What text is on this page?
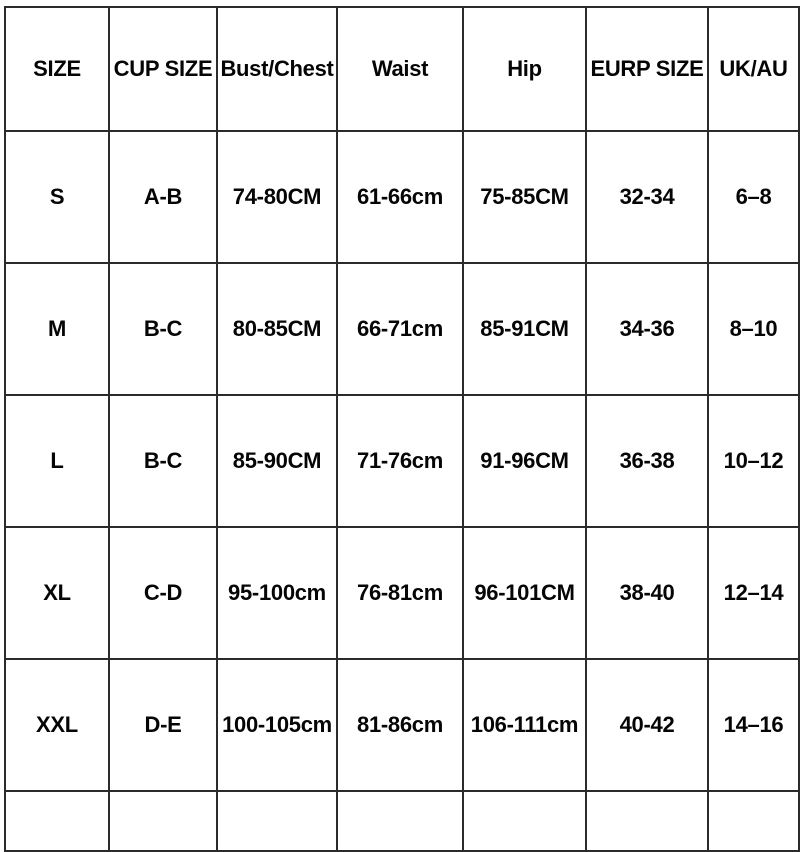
SIZE	CUP SIZE	Bust/Chest	Waist	Hip	EURP SIZE	UK/AU
S	A-B	74-80CM	61-66cm	75-85CM	32-34	6–8
M	B-C	80-85CM	66-71cm	85-91CM	34-36	8–10
L	B-C	85-90CM	71-76cm	91-96CM	36-38	10–12
XL	C-D	95-100cm	76-81cm	96-101CM	38-40	12–14
XXL	D-E	100-105cm	81-86cm	106-111cm	40-42	14–16
